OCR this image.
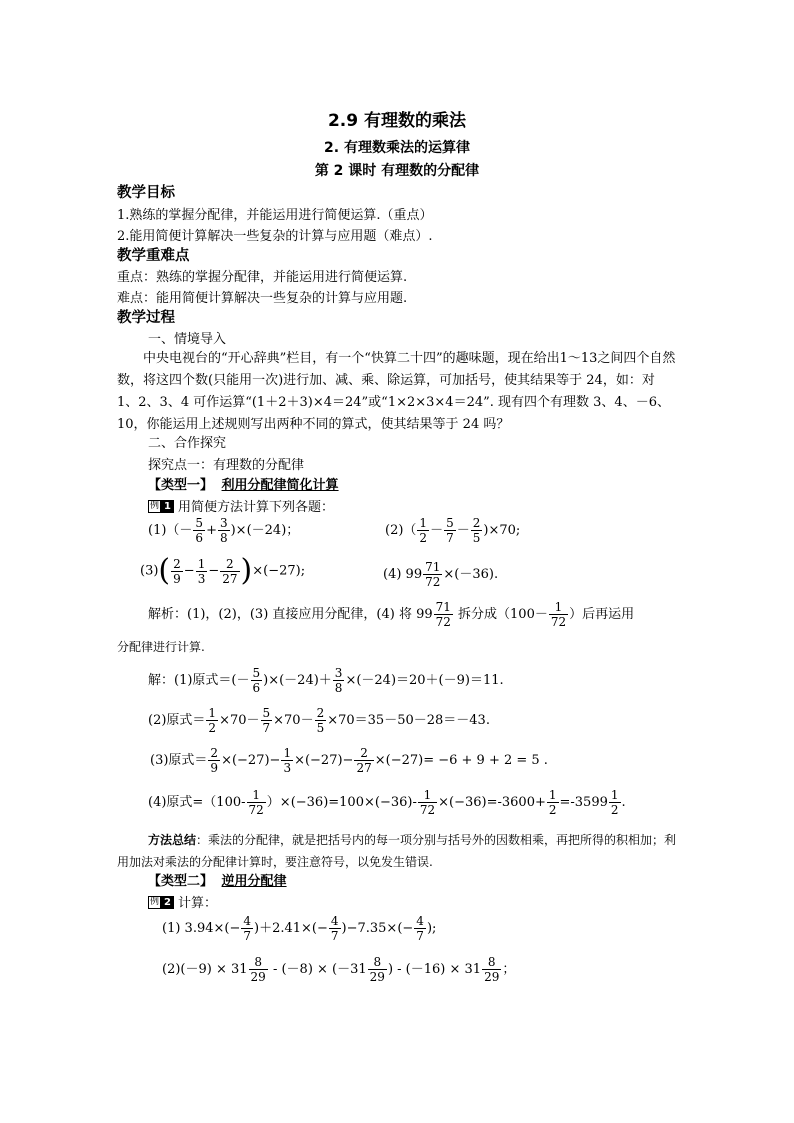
2.9 有理数的乘法
2. 有理数乘法的运算律
第 2 课时 有理数的分配律
教学目标
1.熟练的掌握分配律，并能运用进行简便运算.（重点）
2.能用简便计算解决一些复杂的计算与应用题（难点）.
教学重难点
重点：熟练的掌握分配律，并能运用进行简便运算.
难点：能用简便计算解决一些复杂的计算与应用题.
教学过程
一、情境导入
中央电视台的“开心辞典”栏目，有一个“快算二十四”的趣味题，现在给出1～13之间四个自然数，将这四个数(只能用一次)进行加、减、乘、除运算，可加括号，使其结果等于 24，如：对 1、2、3、4 可作运算“(1＋2＋3)×4＝24”或“1×2×3×4＝24”. 现有四个有理数 3、4、－6、10，你能运用上述规则写出两种不同的算式，使其结果等于 24 吗？
二、合作探究
探究点一：有理数的分配律
【类型一】 利用分配律简化计算
例 1 用简便方法计算下列各题：
$(1)(- \frac{5}{6} + \frac{3}{8} )\times(-24)$；	$(2)( \frac{1}{2} - \frac{5}{7} - \frac{2}{5} )\times 70$;
$(3)( \frac{2}{9} - \frac{1}{3} - \frac{2}{27} )\times(-27)$;	(4) $99 \frac{71}{72} \times(-36)$.
解析：(1)，(2)，(3) 直接应用分配律，(4) 将 $99 \frac{71}{72}$ 拆分成（$100- \frac{1}{72}$ ）后再运用
分配律进行计算.
解：(1)原式＝(－ $\frac{5}{6} )\times(-24)+ \frac{3}{8} \times(-24)=20+(-9)=11$.
(2)原式＝ $\frac{1}{2} \times 70- \frac{5}{7} \times 70- \frac{2}{5} \times 70=35-50-28=-43$.
(3)原式＝ $\frac{2}{9} \times(-27)- \frac{1}{3} \times(-27)- \frac{2}{27} \times(-27)= -6 + 9 + 2 = 5$ .
(4)原式$=(100- \frac{1}{72} )\times(-36)=100\times(-36)- \frac{1}{72} \times(-36)=-3600+ \frac{1}{2} =-3599 \frac{1}{2}$ .
方法总结：乘法的分配律，就是把括号内的每一项分别与括号外的因数相乘，再把所得的积相加；利用加法对乘法的分配律计算时，要注意符号，以免发生错误.
【类型二】 逆用分配律
例 2 计算：
(1) $3.94\times(- \frac{4}{7} )+2.41\times(- \frac{4}{7} )-7.35\times(- \frac{4}{7}$ );
$(2)(-9) \times 31 \frac{8}{29} - (-8) \times (-31 \frac{8}{29}$ ) - $(-16) \times 31 \frac{8}{29}$ ；
